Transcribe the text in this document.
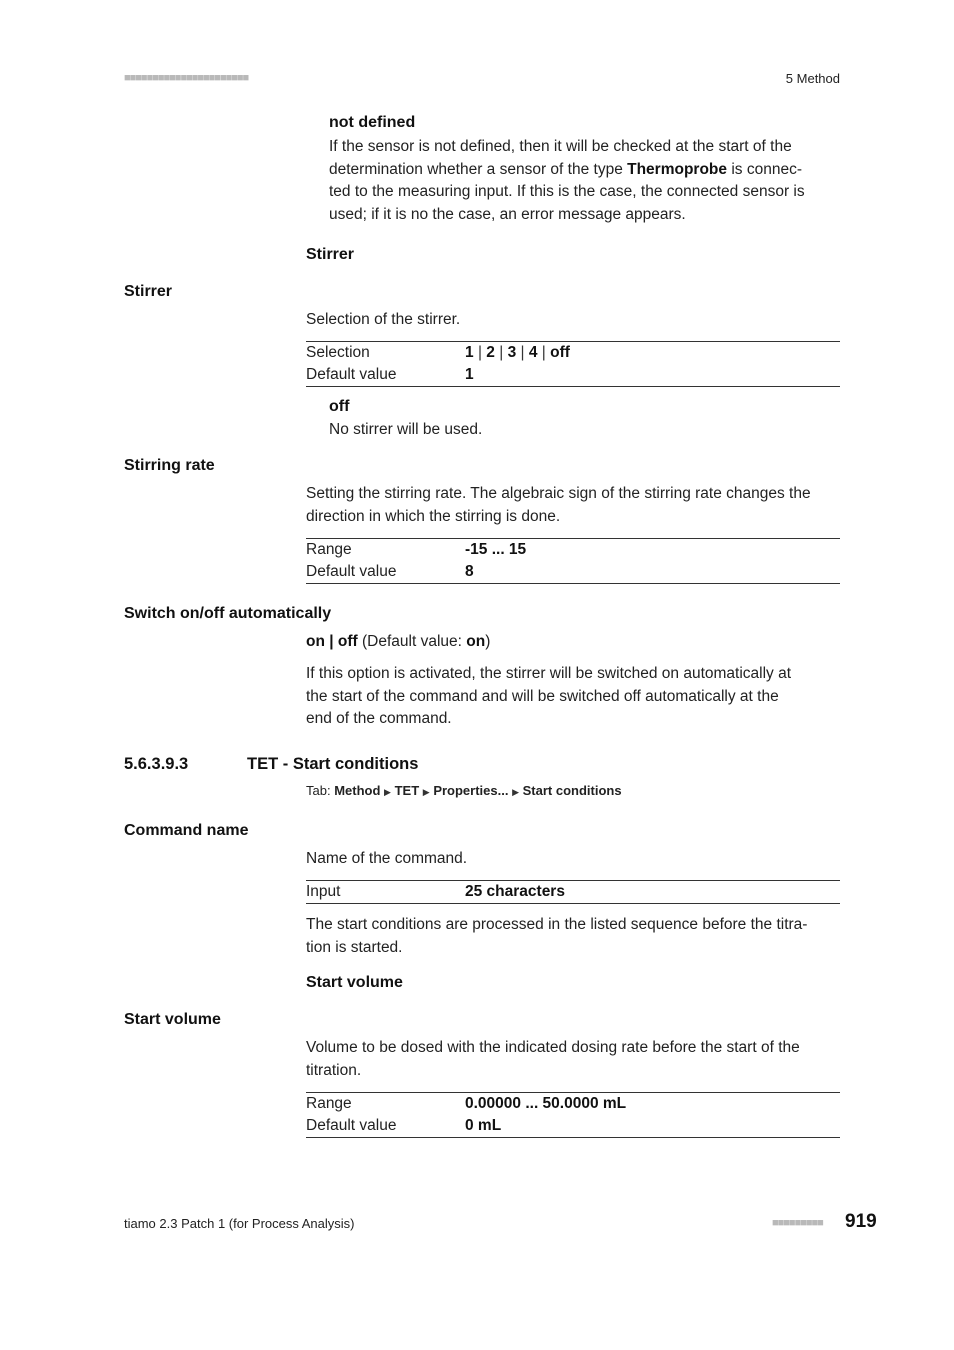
■■■■■■■■■■■■■■■■■■■■■■	5 Method
not defined
If the sensor is not defined, then it will be checked at the start of the
determination whether a sensor of the type Thermoprobe is connec-
ted to the measuring input. If this is the case, the connected sensor is
used; if it is no the case, an error message appears.
Stirrer
Stirrer
Selection of the stirrer.
Selection	1 | 2 | 3 | 4 | off
Default value	1
off
No stirrer will be used.
Stirring rate
Setting the stirring rate. The algebraic sign of the stirring rate changes the
direction in which the stirring is done.
Range	-15 ... 15
Default value	8
Switch on/off automatically
on | off (Default value: on)
If this option is activated, the stirrer will be switched on automatically at
the start of the command and will be switched off automatically at the
end of the command.
5.6.3.9.3	TET - Start conditions
Tab: Method ▶ TET ▶ Properties... ▶ Start conditions
Command name
Name of the command.
Input	25 characters
The start conditions are processed in the listed sequence before the titra-
tion is started.
Start volume
Start volume
Volume to be dosed with the indicated dosing rate before the start of the
titration.
Range	0.00000 ... 50.0000 mL
Default value	0 mL
tiamo 2.3 Patch 1 (for Process Analysis)	■■■■■■■■■ 919
